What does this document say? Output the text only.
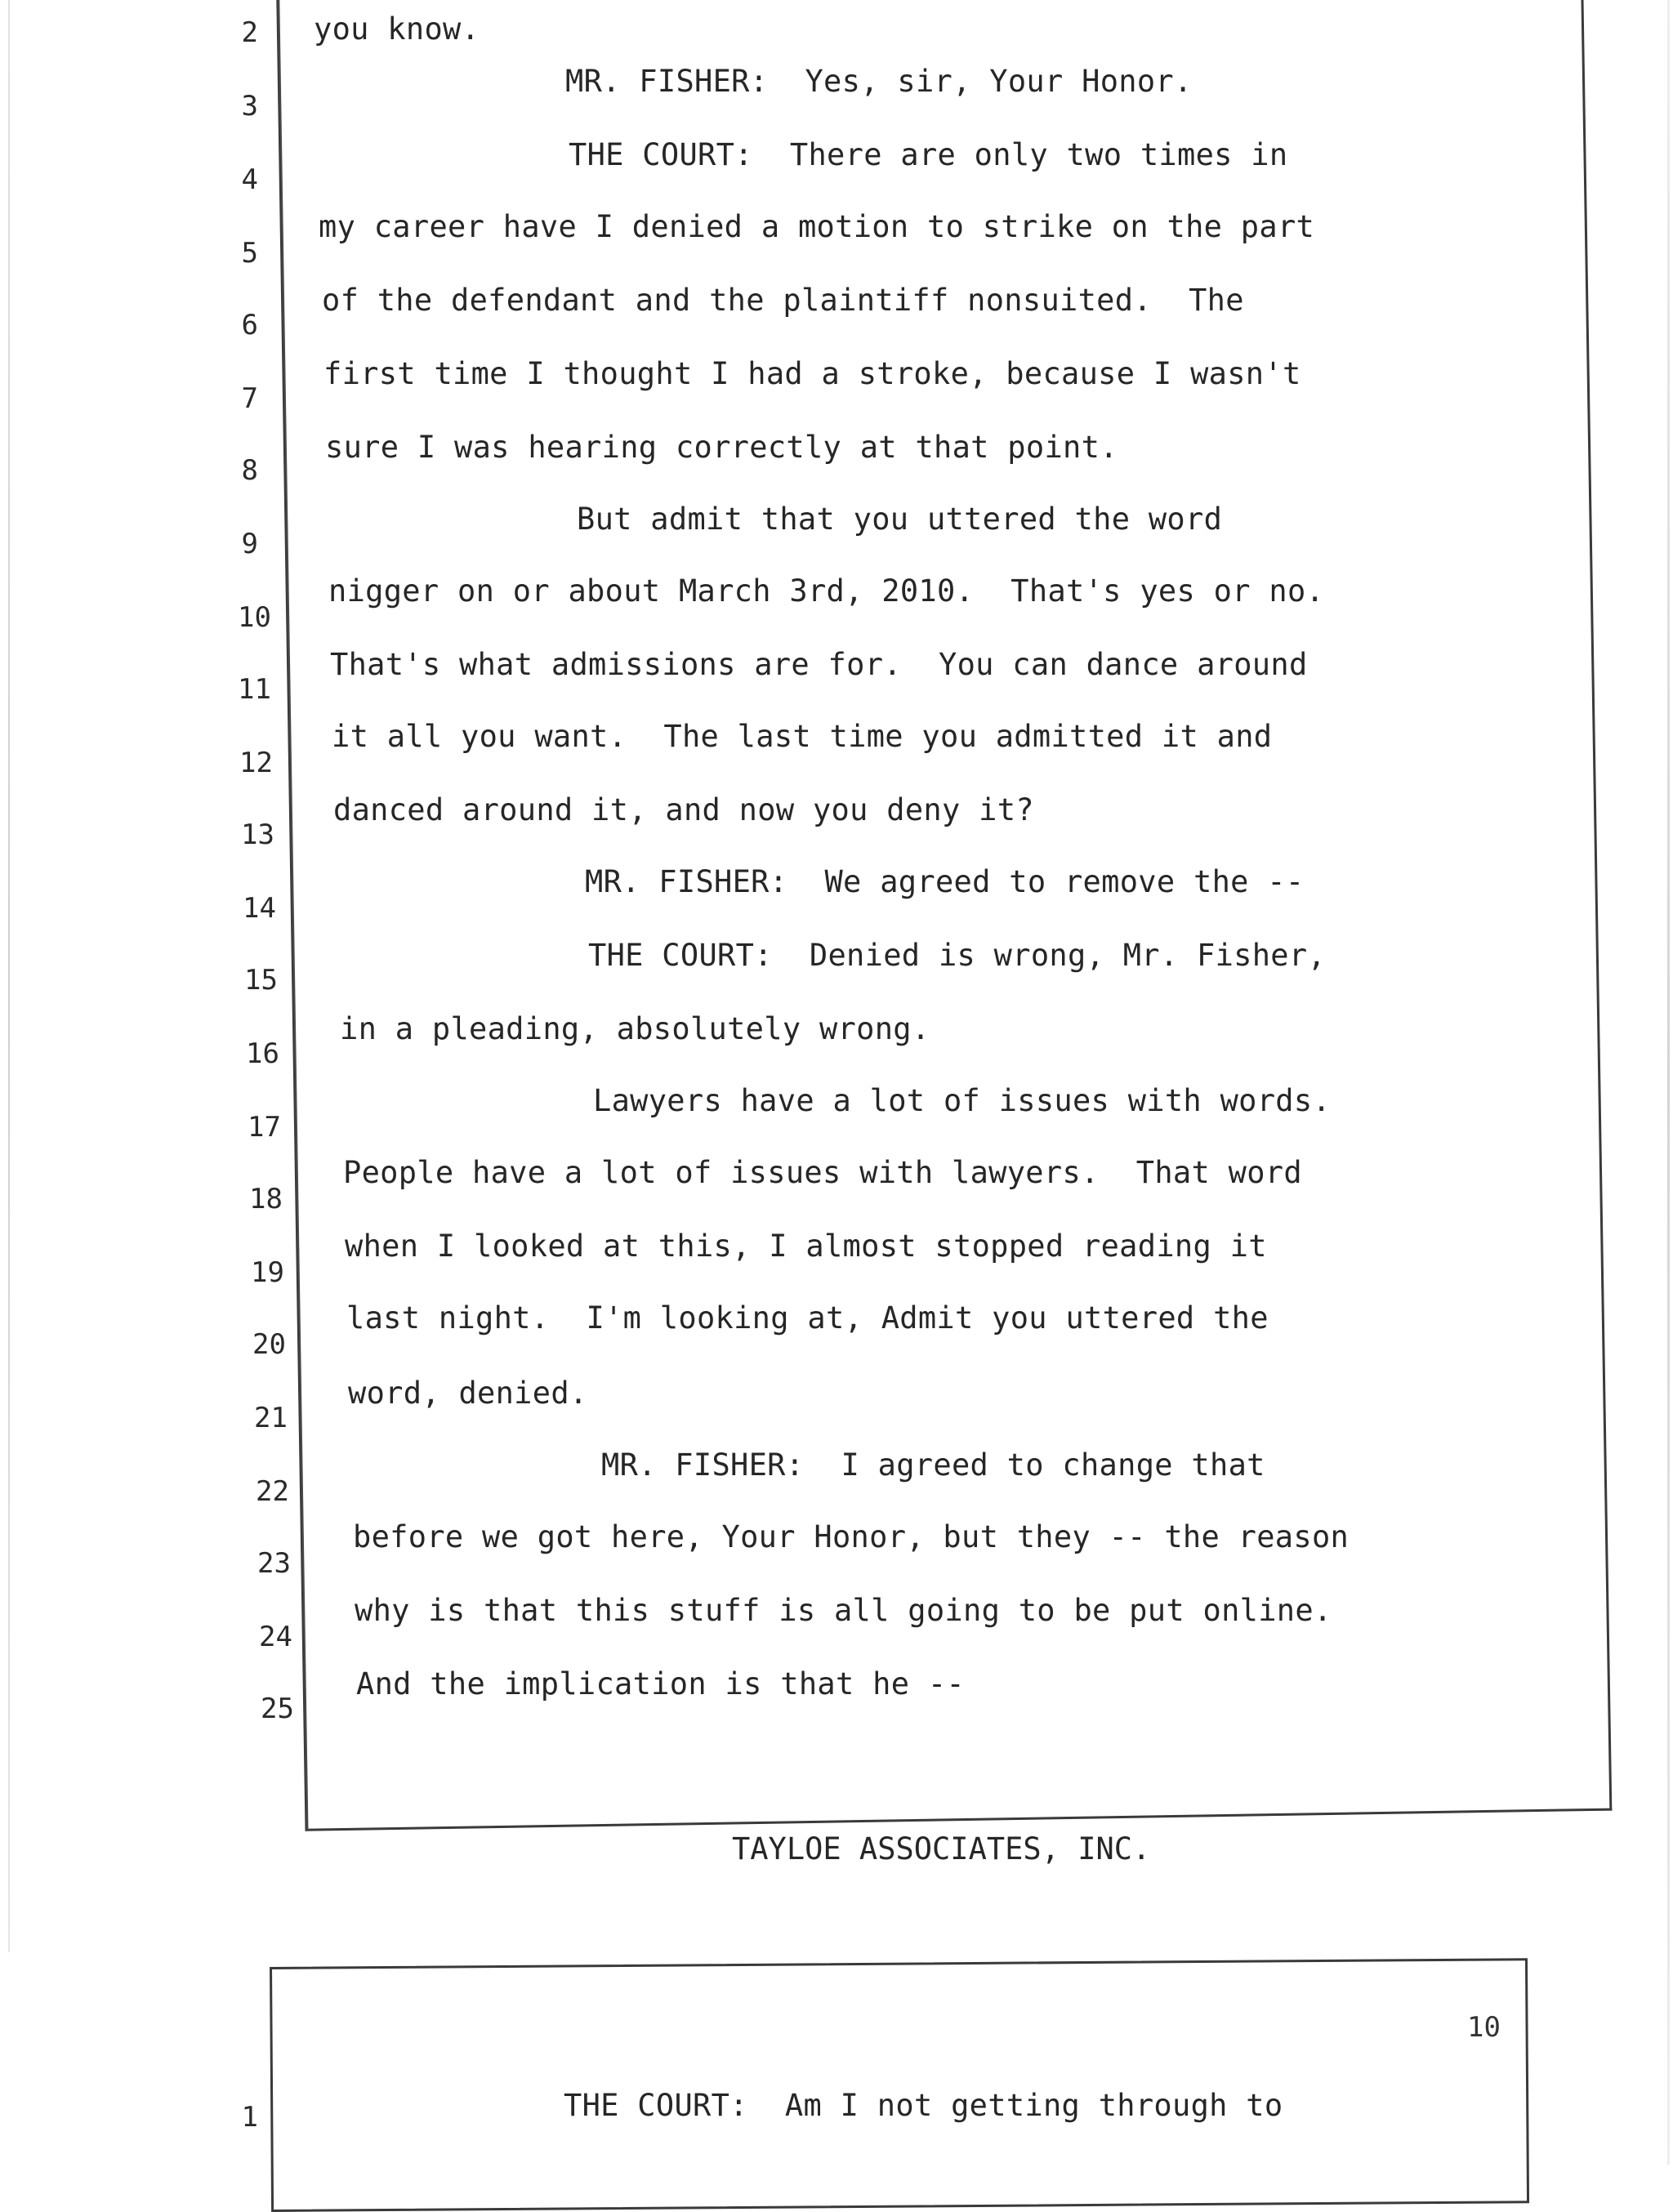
2 you know.
3
MR. FISHER:  Yes, sir, Your Honor.
4
THE COURT:  There are only two times in
5
my career have I denied a motion to strike on the part
6
of the defendant and the plaintiff nonsuited.  The
7
first time I thought I had a stroke, because I wasn't
8
sure I was hearing correctly at that point.
9
But admit that you uttered the word
10
nigger on or about March 3rd, 2010.  That's yes or no.
11
That's what admissions are for.  You can dance around
12
it all you want.  The last time you admitted it and
13
danced around it, and now you deny it?
14
MR. FISHER:  We agreed to remove the --
15
THE COURT:  Denied is wrong, Mr. Fisher,
16
in a pleading, absolutely wrong.
17
Lawyers have a lot of issues with words.
18
People have a lot of issues with lawyers.  That word
19
when I looked at this, I almost stopped reading it
20
last night.  I'm looking at, Admit you uttered the
21
word, denied.
22
MR. FISHER:  I agreed to change that
23
before we got here, Your Honor, but they -- the reason
24
why is that this stuff is all going to be put online.
25
And the implication is that he --
TAYLOE ASSOCIATES, INC.
10
1	THE COURT:  Am I not getting through to
